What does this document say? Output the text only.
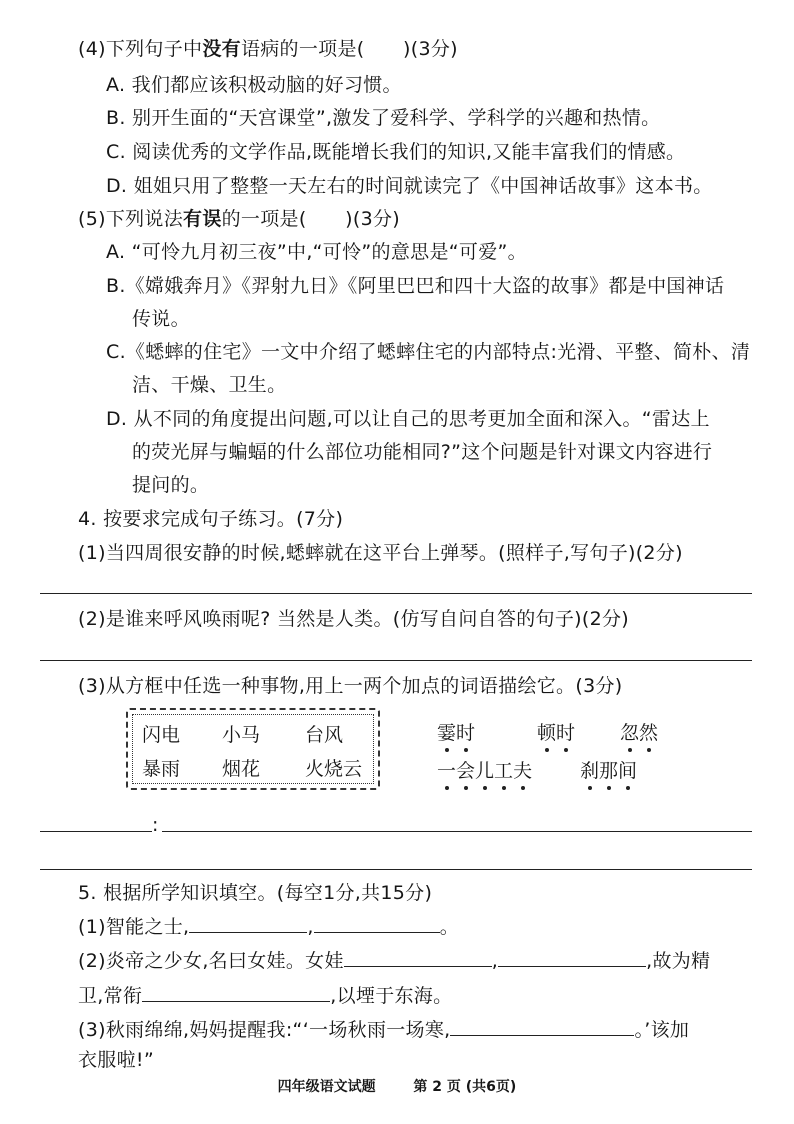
(4)下列句子中没有语病的一项是(　　)(3分)
A. 我们都应该积极动脑的好习惯。
B. 别开生面的“天宫课堂”,激发了爱科学、学科学的兴趣和热情。
C. 阅读优秀的文学作品,既能增长我们的知识,又能丰富我们的情感。
D. 姐姐只用了整整一天左右的时间就读完了《中国神话故事》这本书。
(5)下列说法有误的一项是(　　)(3分)
A. “可怜九月初三夜”中,“可怜”的意思是“可爱”。
B.《嫦娥奔月》《羿射九日》《阿里巴巴和四十大盗的故事》都是中国神话
传说。
C.《蟋蟀的住宅》一文中介绍了蟋蟀住宅的内部特点:光滑、平整、简朴、清
洁、干燥、卫生。
D. 从不同的角度提出问题,可以让自己的思考更加全面和深入。“雷达上
的荧光屏与蝙蝠的什么部位功能相同?”这个问题是针对课文内容进行
提问的。
4. 按要求完成句子练习。(7分)
(1)当四周很安静的时候,蟋蟀就在这平台上弹琴。(照样子,写句子)(2分)
(2)是谁来呼风唤雨呢? 当然是人类。(仿写自问自答的句子)(2分)
(3)从方框中任选一种事物,用上一两个加点的词语描绘它。(3分)
闪电 小马 台风
暴雨 烟花 火烧云
霎时	顿时 忽然
一会儿工夫	刹那间
:
5. 根据所学知识填空。(每空1分,共15分)
(1)智能之士,	,	。
(2)炎帝之少女,名曰女娃。女娃	,	,故为精
卫,常衔	,以堙于东海。
(3)秋雨绵绵,妈妈提醒我:“‘一场秋雨一场寒,	。’该加
衣服啦!”
四年级语文试题	第 2 页 (共6页)
